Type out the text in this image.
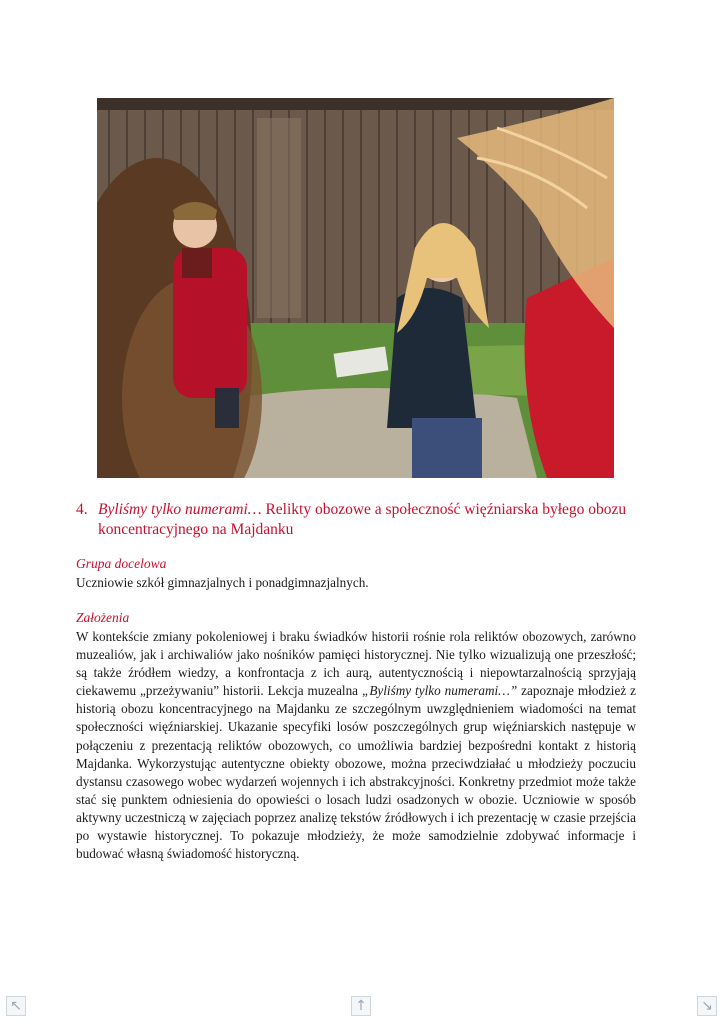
4. Byliśmy tylko numerami… Relikty obozowe a społeczność więźniarska byłego obozu koncentracyjnego na Majdanku
Grupa docelowa

Uczniowie szkół gimnazjalnych i ponadgimnazjalnych.

Założenia

W kontekście zmiany pokoleniowej i braku świadków historii rośnie rola reliktów obozowych, zarówno muzealiów, jak i archiwaliów jako nośników pamięci historycznej. Nie tylko wizualizują one przeszłość; są także źródłem wiedzy, a konfrontacja z ich aurą, autentycznością i niepowtarzalnością sprzyjają ciekawemu „przeżywaniu” historii. Lekcja muzealna „Byliśmy tylko numerami…” zapoznaje młodzież z historią obozu koncentracyjnego na Majdanku ze szczególnym uwzględnieniem wiadomości na temat społeczności więźniarskiej. Ukazanie specyfiki losów poszczególnych grup więźniarskich następuje w połączeniu z prezentacją reliktów obozowych, co umożliwia bardziej bezpośredni kontakt z historią Majdanka. Wykorzystując autentyczne obiekty obozowe, można przeciwdziałać u młodzieży poczuciu dystansu czasowego wobec wydarzeń wojennych i ich abstrakcyjności. Konkretny przedmiot może także stać się punktem odniesienia do opowieści o losach ludzi osadzonych w obozie. Uczniowie w sposób aktywny uczestniczą w zajęciach poprzez analizę tekstów źródłowych i ich prezentację w czasie przejścia po wystawie historycznej. To pokazuje młodzieży, że może samodzielnie zdobywać informacje i budować własną świadomość historyczną.

↖	↑	↘
